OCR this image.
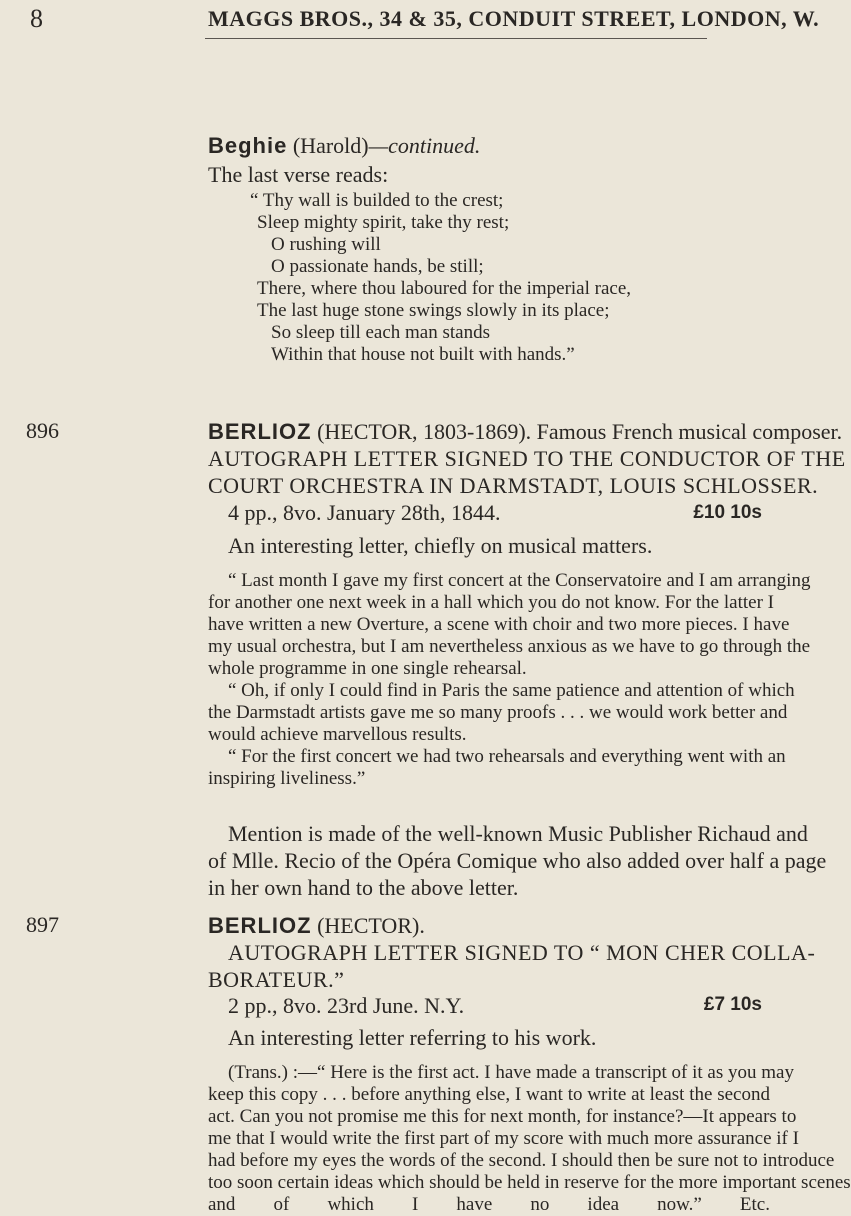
8	MAGGS BROS., 34 & 35, CONDUIT STREET, LONDON, W.
Beghie (Harold)—continued.
The last verse reads:
“ Thy wall is builded to the crest;
Sleep mighty spirit, take thy rest;
O rushing will
O passionate hands, be still;
There, where thou laboured for the imperial race,
The last huge stone swings slowly in its place;
So sleep till each man stands
Within that house not built with hands.”
896	BERLIOZ (HECTOR, 1803-1869). Famous French musical composer.
AUTOGRAPH LETTER SIGNED TO THE CONDUCTOR OF THE
COURT ORCHESTRA IN DARMSTADT, LOUIS SCHLOSSER.
4 pp., 8vo. January 28th, 1844.	£10 10s
An interesting letter, chiefly on musical matters.
“ Last month I gave my first concert at the Conservatoire and I am arranging
for another one next week in a hall which you do not know. For the latter I
have written a new Overture, a scene with choir and two more pieces. I have
my usual orchestra, but I am nevertheless anxious as we have to go through the
whole programme in one single rehearsal.
“ Oh, if only I could find in Paris the same patience and attention of which
the Darmstadt artists gave me so many proofs . . . we would work better and
would achieve marvellous results.
“ For the first concert we had two rehearsals and everything went with an
inspiring liveliness.”
Mention is made of the well-known Music Publisher Richaud and
of Mlle. Recio of the Opéra Comique who also added over half a page
in her own hand to the above letter.
897	BERLIOZ (HECTOR).
AUTOGRAPH LETTER SIGNED TO “ MON CHER COLLA-
BORATEUR.”
2 pp., 8vo. 23rd June. N.Y.	£7 10s
An interesting letter referring to his work.
(Trans.) :—“ Here is the first act. I have made a transcript of it as you may
keep this copy . . . before anything else, I want to write at least the second
act. Can you not promise me this for next month, for instance?—It appears to
me that I would write the first part of my score with much more assurance if I
had before my eyes the words of the second. I should then be sure not to introduce
too soon certain ideas which should be held in reserve for the more important scenes
and of which I have no idea now.” Etc.
